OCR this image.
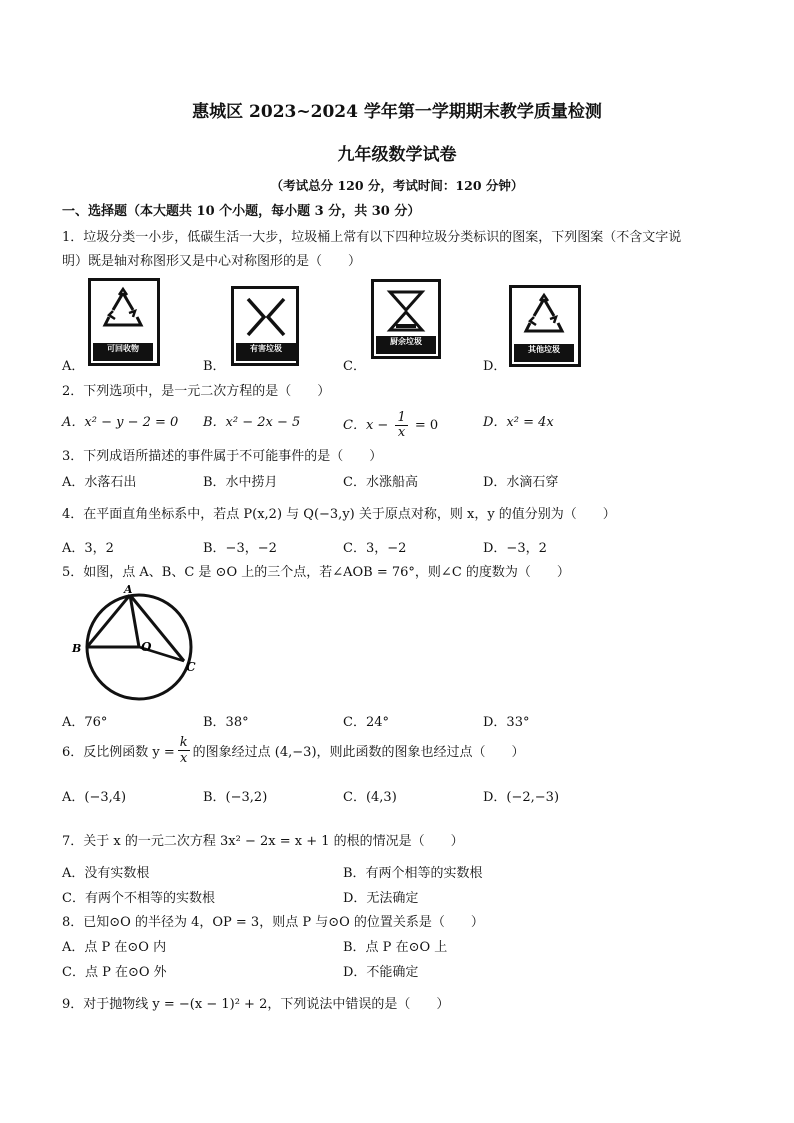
惠城区 2023~2024 学年第一学期期末教学质量检测
九年级数学试卷
（考试总分 120 分，考试时间：120 分钟）
一、选择题（本大题共 10 个小题，每小题 3 分，共 30 分）
1．垃圾分类一小步，低碳生活一大步，垃圾桶上常有以下四种垃圾分类标识的图案，下列图案（不含文字说
明）既是轴对称图形又是中心对称图形的是（　　）
A．	B．	C．	D．
可回收物
	有害垃圾

厨余垃圾

其他垃圾

2．下列选项中，是一元二次方程的是（　　）
A．x² − y − 2 = 0 B．x² − 2x − 5	C．$x - \frac{1}{x} = 0$	D．x² = 4x
3．下列成语所描述的事件属于不可能事件的是（　　）
A．水落石出	B．水中捞月	C．水涨船高	D．水滴石穿
4．在平面直角坐标系中，若点 P(x,2) 与 Q(−3,y) 关于原点对称，则 x，y 的值分别为（　　）
A．3，2	B．−3，−2	C．3，−2	D．−3，2
5．如图，点 A、B、C 是 ⊙O 上的三个点，若∠AOB = 76°，则∠C 的度数为（　　）
A
B	O
C
A．76°	B．38°	C．24°	D．33°
6．反比例函数 $y = \frac{k}{x}$ 的图象经过点 (4,−3)，则此函数的图象也经过点（　　）
A．(−3,4)	B．(−3,2)	C．(4,3)	D．(−2,−3)
7．关于 x 的一元二次方程 3x² − 2x = x + 1 的根的情况是（　　）
A．没有实数根	B．有两个相等的实数根
C．有两个不相等的实数根	D．无法确定
8．已知⊙O 的半径为 4，OP = 3，则点 P 与⊙O 的位置关系是（　　）
A．点 P 在⊙O 内	B．点 P 在⊙O 上
C．点 P 在⊙O 外	D．不能确定
9．对于抛物线 y = −(x − 1)² + 2，下列说法中错误的是（　　）
